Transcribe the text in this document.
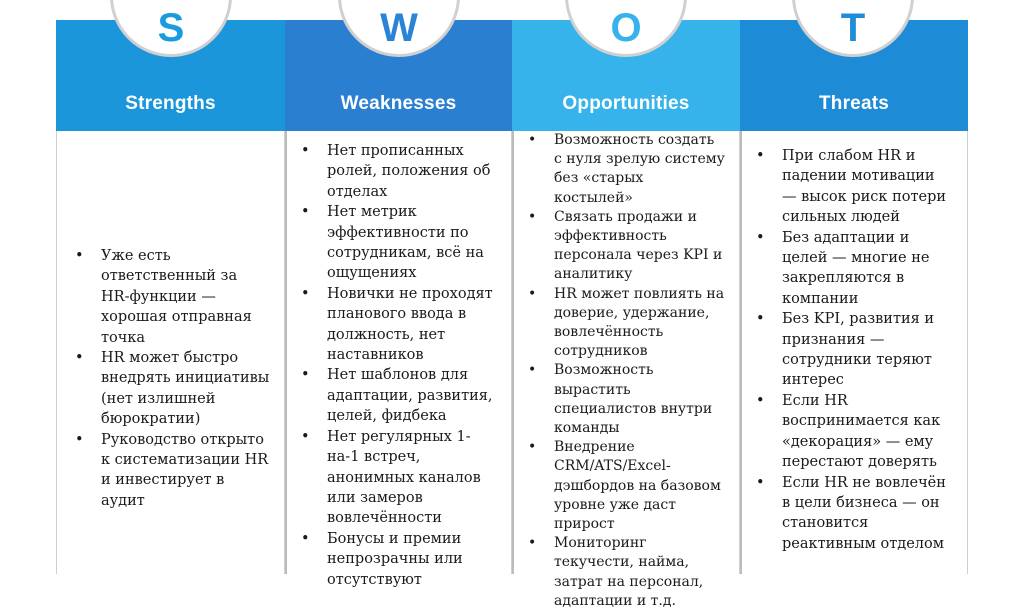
Strengths
• Уже есть ответственный за HR-функции — хорошая отправная точка
• HR может быстро внедрять инициативы (нет излишней бюрократии)
• Руководство открыто к систематизации HR и инвестирует в аудит
Weaknesses
• Нет прописанных ролей, положения об отделах
• Нет метрик эффективности по сотрудникам, всё на ощущениях
• Новички не проходят планового ввода в должность, нет наставников
• Нет шаблонов для адаптации, развития, целей, фидбека
• Нет регулярных 1-на-1 встреч, анонимных каналов или замеров вовлечённости
• Бонусы и премии непрозрачны или отсутствуют
Opportunities
• Возможность создать с нуля зрелую систему без «старых костылей»
• Связать продажи и эффективность персонала через KPI и аналитику
• HR может повлиять на доверие, удержание, вовлечённость сотрудников
• Возможность вырастить специалистов внутри команды
• Внедрение CRM/ATS/Excel-дэшбордов на базовом уровне уже даст прирост
• Мониторинг текучести, найма, затрат на персонал, адаптации и т.д.
Threats
• При слабом HR и падении мотивации — высок риск потери сильных людей
• Без адаптации и целей — многие не закрепляются в компании
• Без KPI, развития и признания — сотрудники теряют интерес
• Если HR воспринимается как «декорация» — ему перестают доверять
• Если HR не вовлечён в цели бизнеса — он становится реактивным отделом
S	W	O	T
